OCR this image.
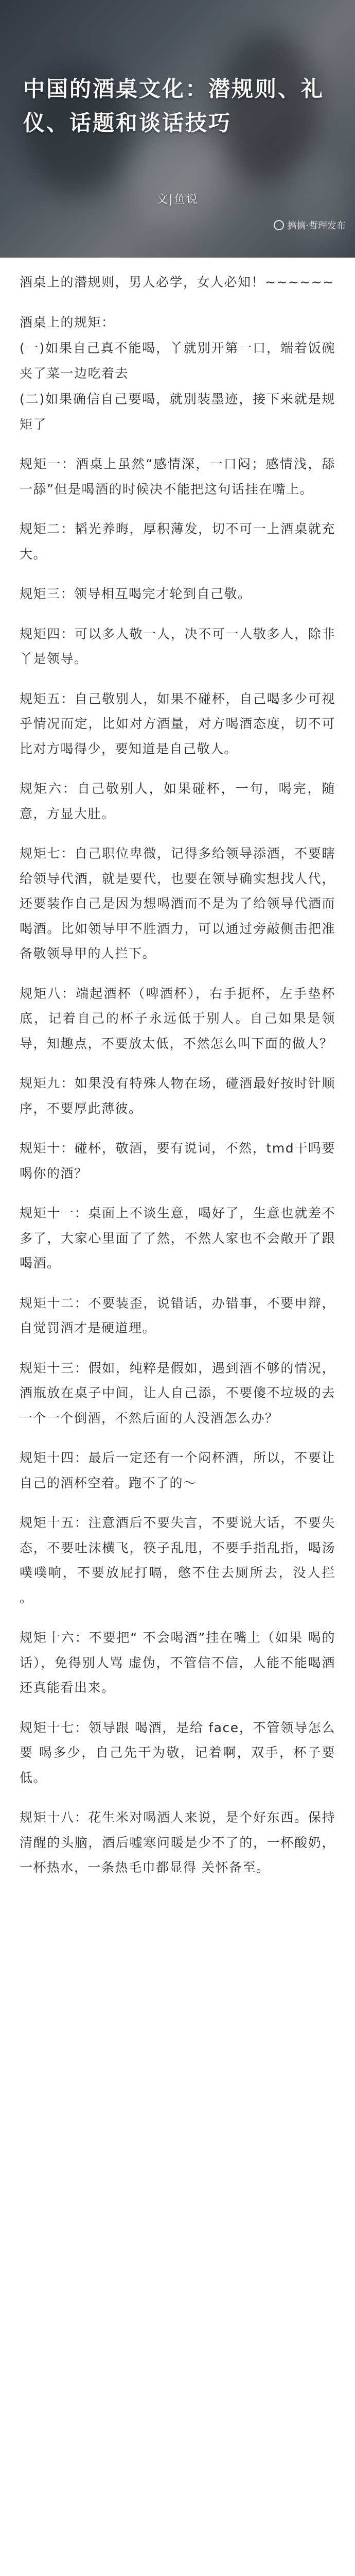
中国的酒桌文化：潜规则、礼仪、话题和谈话技巧
文|鱼说
搞搞·哲理发布

酒桌上的潜规则，男人必学，女人必知！~~~~~~

酒桌上的规矩：

(一)如果自己真不能喝，丫就别开第一口，端着饭碗夹了菜一边吃着去

(二)如果确信自己要喝，就别装墨迹，接下来就是规矩了

规矩一：酒桌上虽然“感情深，一口闷；感情浅，舔一舔”但是喝酒的时候决不能把这句话挂在嘴上。

规矩二：韬光养晦，厚积薄发，切不可一上酒桌就充大。

规矩三：领导相互喝完才轮到自己敬。

规矩四：可以多人敬一人，决不可一人敬多人，除非丫是领导。

规矩五：自己敬别人，如果不碰杯，自己喝多少可视乎情况而定，比如对方酒量，对方喝酒态度，切不可比对方喝得少，要知道是自己敬人。

规矩六：自己敬别人，如果碰杯，一句，喝完，随意，方显大肚。

规矩七：自己职位卑微，记得多给领导添酒，不要瞎给领导代酒，就是要代，也要在领导确实想找人代，还要装作自己是因为想喝酒而不是为了给领导代酒而喝酒。比如领导甲不胜酒力，可以通过旁敲侧击把准备敬领导甲的人拦下。

规矩八：端起酒杯（啤酒杯），右手扼杯，左手垫杯底，记着自己的杯子永远低于别人。自己如果是领导，知趣点，不要放太低，不然怎么叫下面的做人？

规矩九：如果没有特殊人物在场，碰酒最好按时针顺序，不要厚此薄彼。

规矩十：碰杯，敬酒，要有说词，不然，tmd干吗要喝你的酒？

规矩十一：桌面上不谈生意，喝好了，生意也就差不多了，大家心里面了了然，不然人家也不会敞开了跟 喝酒。

规矩十二：不要装歪，说错话，办错事，不要申辩，自觉罚酒才是硬道理。

规矩十三：假如，纯粹是假如，遇到酒不够的情况，酒瓶放在桌子中间，让人自己添，不要傻不垃圾的去一个一个倒酒，不然后面的人没酒怎么办？

规矩十四：最后一定还有一个闷杯酒，所以，不要让自己的酒杯空着。跑不了的～

规矩十五：注意酒后不要失言，不要说大话，不要失态，不要吐沫横飞，筷子乱甩，不要手指乱指，喝汤噗噗响，不要放屁打嗝，憋不住去厕所去，没人拦 。

规矩十六：不要把“ 不会喝酒”挂在嘴上（如果 喝的话），免得别人骂 虚伪，不管信不信，人能不能喝酒还真能看出来。

规矩十七：领导跟 喝酒，是给 face，不管领导怎么要 喝多少，自己先干为敬，记着啊，双手，杯子要低。

规矩十八：花生米对喝酒人来说，是个好东西。保持清醒的头脑，酒后嘘寒问暖是少不了的，一杯酸奶，一杯热水，一条热毛巾都显得 关怀备至。
